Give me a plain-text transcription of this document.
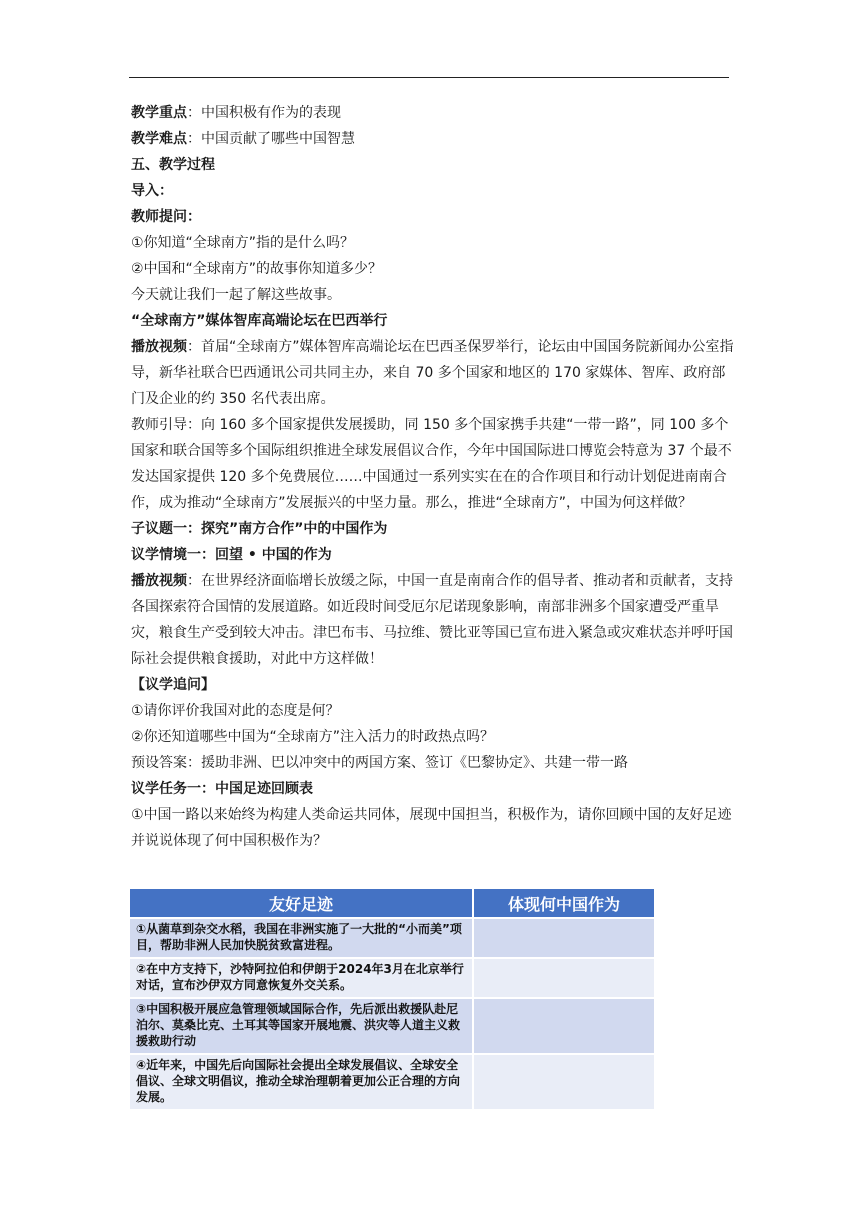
教学重点：中国积极有作为的表现

教学难点：中国贡献了哪些中国智慧

五、教学过程

导入：

教师提问：

①你知道“全球南方”指的是什么吗？

②中国和“全球南方”的故事你知道多少？

今天就让我们一起了解这些故事。

“全球南方”媒体智库高端论坛在巴西举行

播放视频：首届“全球南方”媒体智库高端论坛在巴西圣保罗举行，论坛由中国国务院新闻办公室指导，新华社联合巴西通讯公司共同主办，来自 70 多个国家和地区的 170 家媒体、智库、政府部门及企业的约 350 名代表出席。

教师引导：向 160 多个国家提供发展援助，同 150 多个国家携手共建“一带一路”，同 100 多个国家和联合国等多个国际组织推进全球发展倡议合作，今年中国国际进口博览会特意为 37 个最不发达国家提供 120 多个免费展位……中国通过一系列实实在在的合作项目和行动计划促进南南合作，成为推动“全球南方”发展振兴的中坚力量。那么，推进“全球南方”，中国为何这样做？

子议题一：探究”南方合作”中的中国作为

议学情境一：回望 • 中国的作为

播放视频：在世界经济面临增长放缓之际，中国一直是南南合作的倡导者、推动者和贡献者，支持各国探索符合国情的发展道路。如近段时间受厄尔尼诺现象影响，南部非洲多个国家遭受严重旱灾，粮食生产受到较大冲击。津巴布韦、马拉维、赞比亚等国已宣布进入紧急或灾难状态并呼吁国际社会提供粮食援助，对此中方这样做！

【议学追问】

①请你评价我国对此的态度是何？

②你还知道哪些中国为“全球南方”注入活力的时政热点吗？

预设答案：援助非洲、巴以冲突中的两国方案、签订《巴黎协定》、共建一带一路

议学任务一：中国足迹回顾表

①中国一路以来始终为构建人类命运共同体，展现中国担当，积极作为，请你回顾中国的友好足迹并说说体现了何中国积极作为？

友好足迹	体现何中国作为
①从菌草到杂交水稻，我国在非洲实施了一大批的“小而美”项目，帮助非洲人民加快脱贫致富进程。	
②在中方支持下，沙特阿拉伯和伊朗于2024年3月在北京举行对话，宣布沙伊双方同意恢复外交关系。	
③中国积极开展应急管理领域国际合作，先后派出救援队赴尼泊尔、莫桑比克、土耳其等国家开展地震、洪灾等人道主义救援救助行动	
④近年来，中国先后向国际社会提出全球发展倡议、全球安全倡议、全球文明倡议，推动全球治理朝着更加公正合理的方向发展。	
